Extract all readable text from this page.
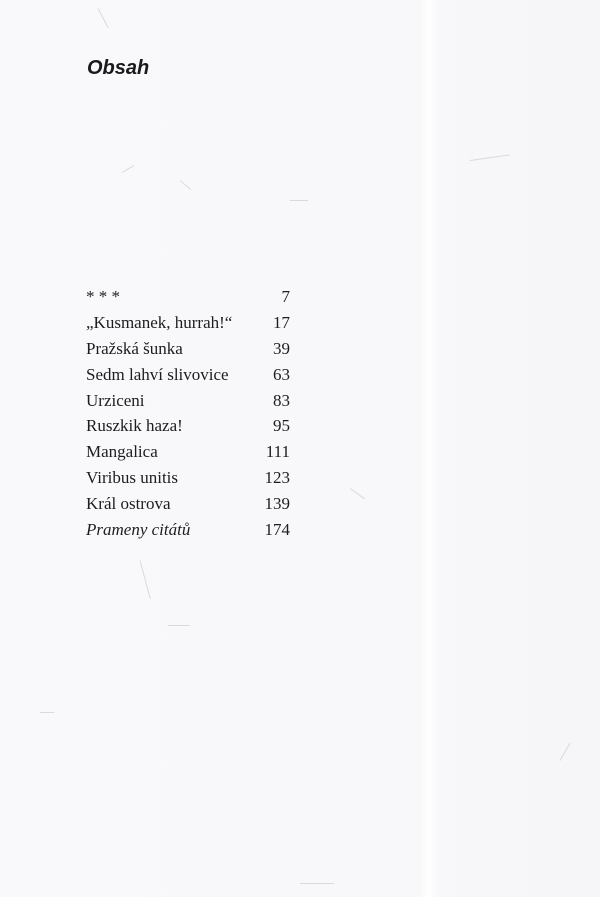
Obsah
* * *	7
„Kusmanek, hurrah!“ 17
Pražská šunka	39
Sedm lahví slivovice	63
Urziceni	83
Ruszkik haza!	95
Mangalica	111
Viribus unitis	123
Král ostrova	139
Prameny citátů	174
